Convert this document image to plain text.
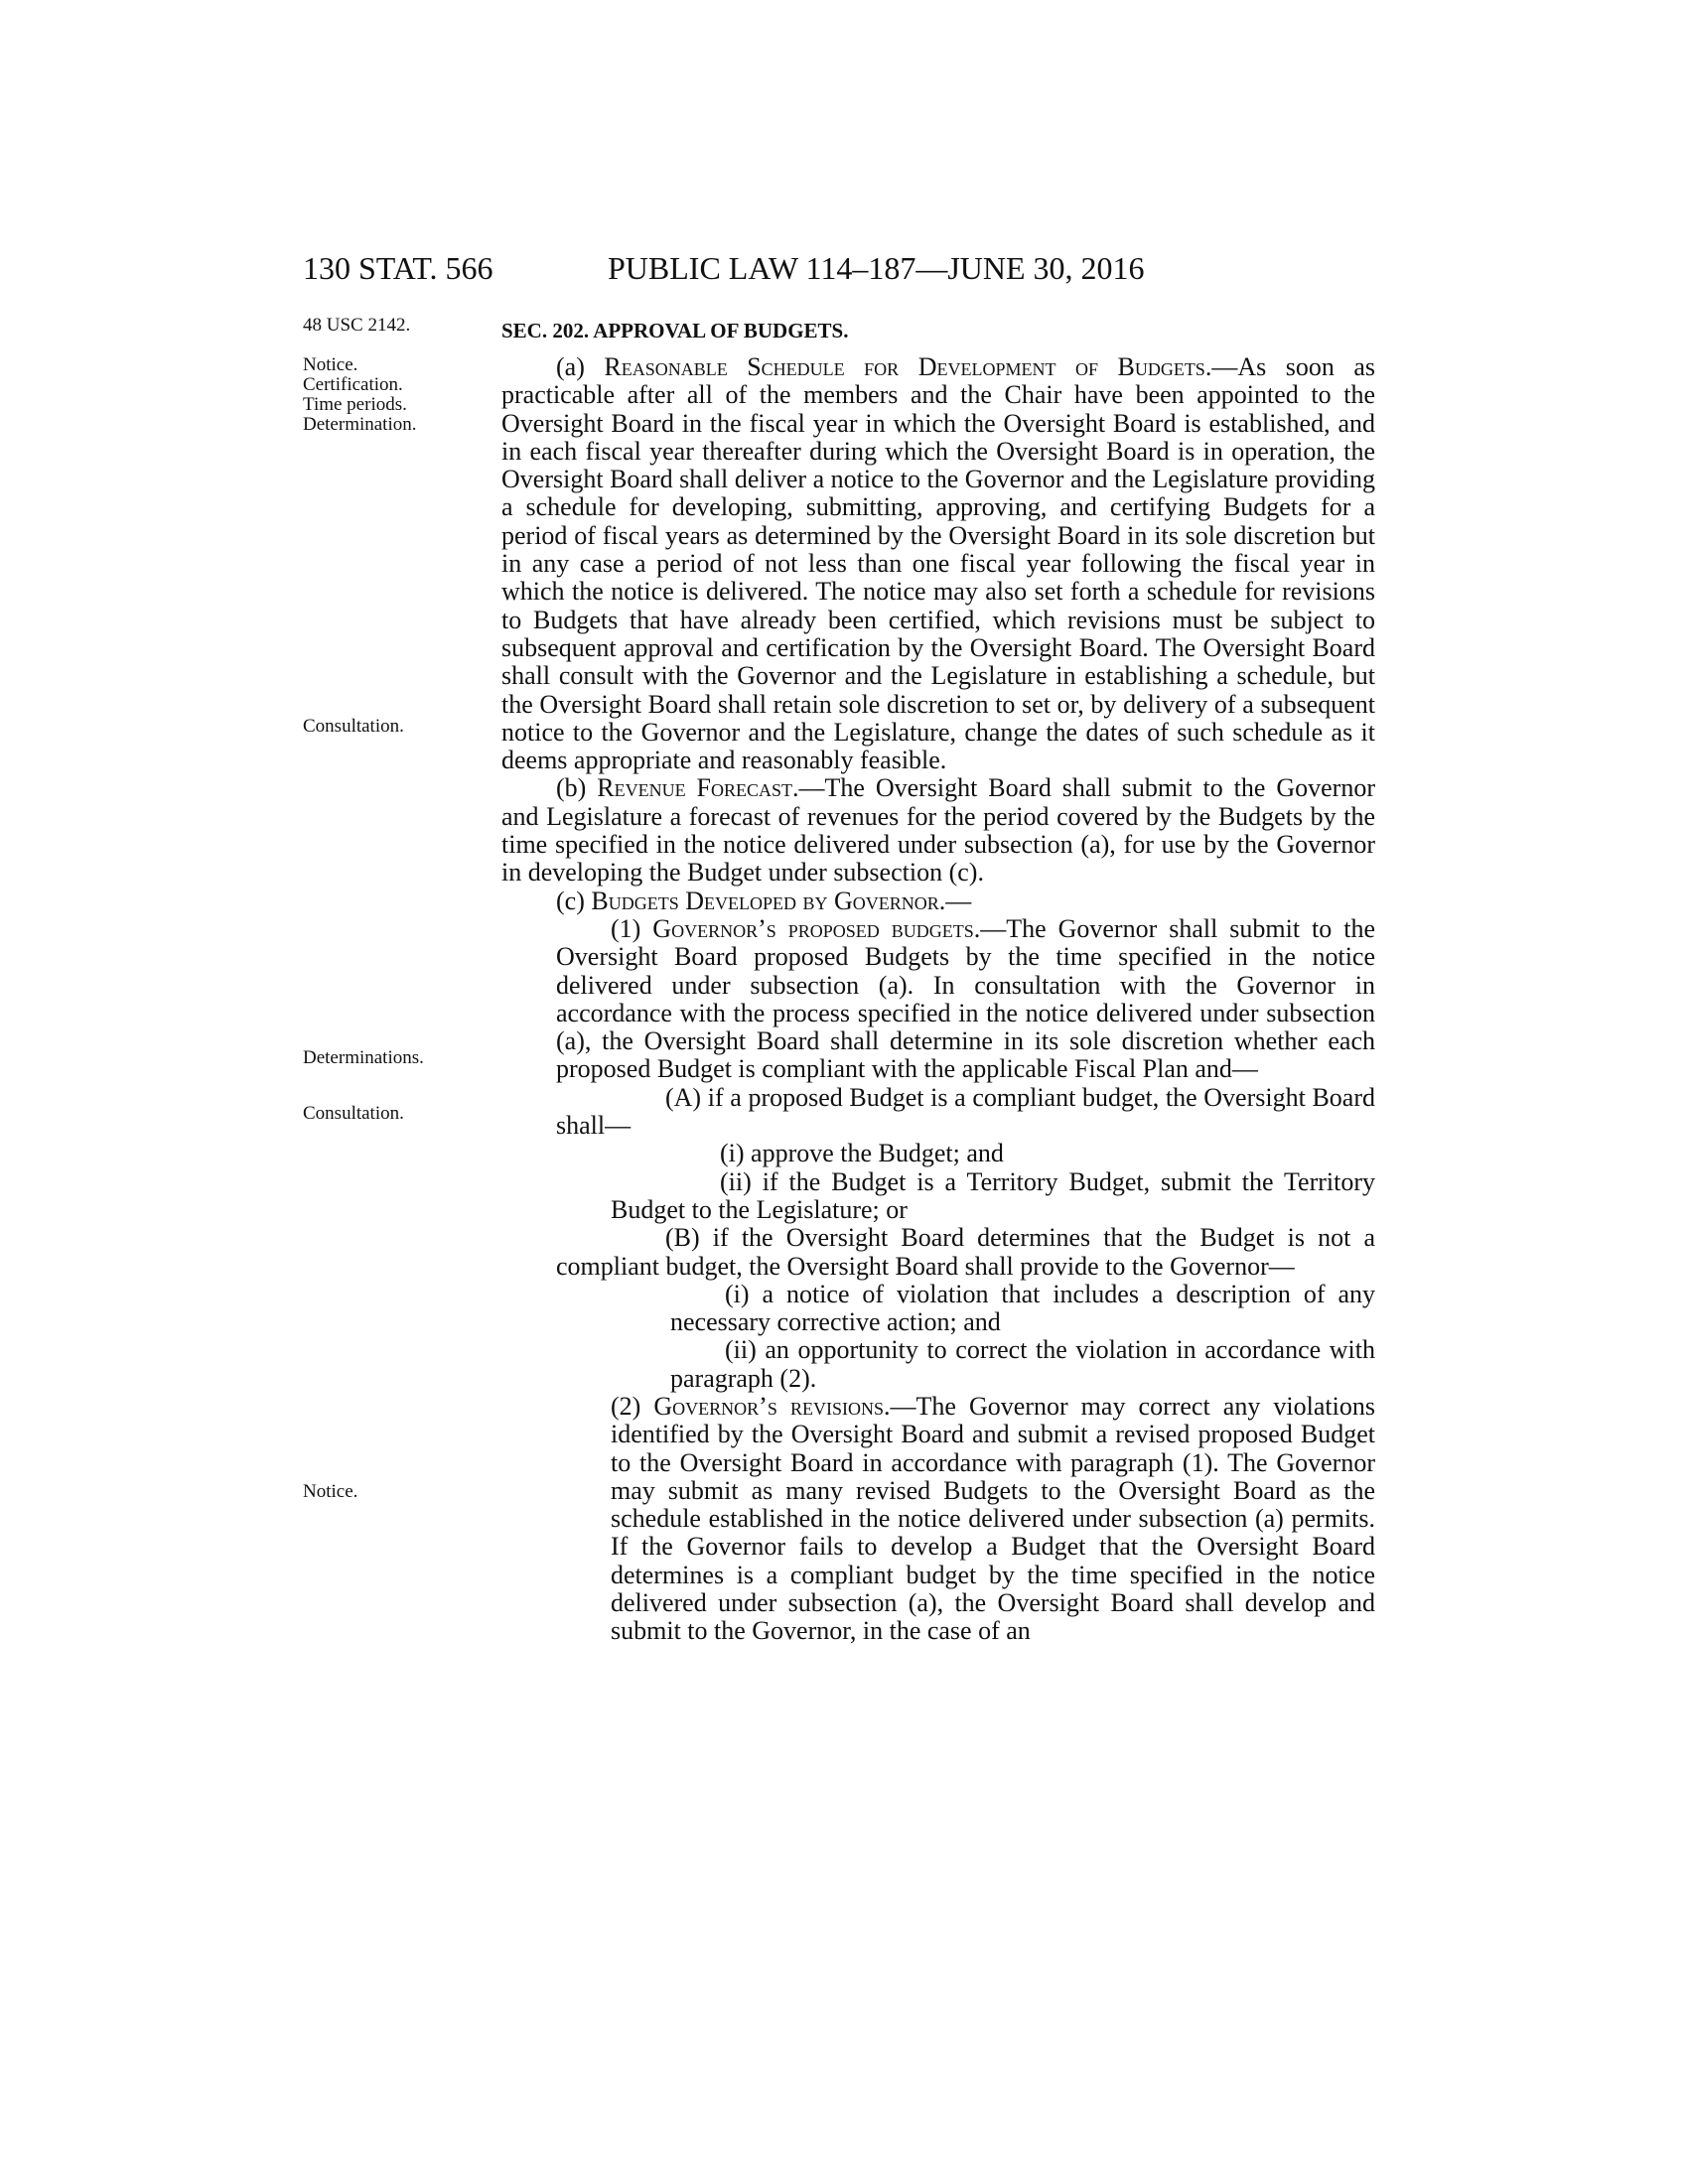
130 STAT. 566	PUBLIC LAW 114–187—JUNE 30, 2016
48 USC 2142.
Notice.
Certification.
Time periods.
Determination.
Consultation.
Determinations.
Consultation.
Notice.

SEC. 202. APPROVAL OF BUDGETS.

(a) Reasonable Schedule for Development of Budgets.—As soon as practicable after all of the members and the Chair have been appointed to the Oversight Board in the fiscal year in which the Oversight Board is established, and in each fiscal year thereafter during which the Oversight Board is in operation, the Oversight Board shall deliver a notice to the Governor and the Legislature providing a schedule for developing, submitting, approving, and certifying Budgets for a period of fiscal years as determined by the Oversight Board in its sole discretion but in any case a period of not less than one fiscal year following the fiscal year in which the notice is delivered. The notice may also set forth a schedule for revisions to Budgets that have already been certified, which revisions must be subject to subsequent approval and certification by the Oversight Board. The Oversight Board shall consult with the Governor and the Legislature in establishing a schedule, but the Oversight Board shall retain sole discretion to set or, by delivery of a subsequent notice to the Governor and the Legislature, change the dates of such schedule as it deems appropriate and reasonably feasible.

(b) Revenue Forecast.—The Oversight Board shall submit to the Governor and Legislature a forecast of revenues for the period covered by the Budgets by the time specified in the notice delivered under subsection (a), for use by the Governor in developing the Budget under subsection (c).

(c) Budgets Developed by Governor.—

(1) Governor’s proposed budgets.—The Governor shall submit to the Oversight Board proposed Budgets by the time specified in the notice delivered under subsection (a). In consultation with the Governor in accordance with the process specified in the notice delivered under subsection (a), the Oversight Board shall determine in its sole discretion whether each proposed Budget is compliant with the applicable Fiscal Plan and—

(A) if a proposed Budget is a compliant budget, the Oversight Board shall—

(i) approve the Budget; and

(ii) if the Budget is a Territory Budget, submit the Territory Budget to the Legislature; or

(B) if the Oversight Board determines that the Budget is not a compliant budget, the Oversight Board shall provide to the Governor—

(i) a notice of violation that includes a description of any necessary corrective action; and

(ii) an opportunity to correct the violation in accordance with paragraph (2).

(2) Governor’s revisions.—The Governor may correct any violations identified by the Oversight Board and submit a revised proposed Budget to the Oversight Board in accordance with paragraph (1). The Governor may submit as many revised Budgets to the Oversight Board as the schedule established in the notice delivered under subsection (a) permits. If the Governor fails to develop a Budget that the Oversight Board determines is a compliant budget by the time specified in the notice delivered under subsection (a), the Oversight Board shall develop and submit to the Governor, in the case of an
